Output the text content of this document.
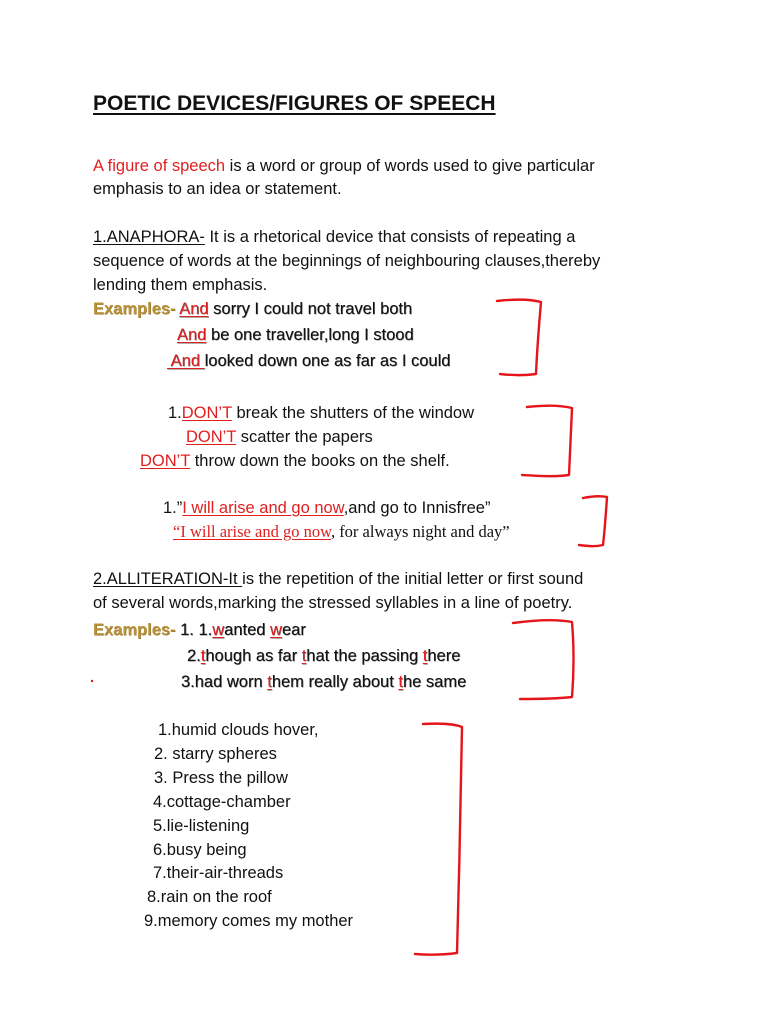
POETIC DEVICES/FIGURES OF SPEECH
A figure of speech is a word or group of words used to give particular
emphasis to an idea or statement.
1.ANAPHORA- It is a rhetorical device that consists of repeating a
sequence of words at the beginnings of neighbouring clauses,thereby
lending them emphasis.
Examples- And sorry I could not travel both
And be one traveller,long I stood
And looked down one as far as I could
1.DON’T break the shutters of the window
DON’T scatter the papers
DON’T throw down the books on the shelf.
1.”I will arise and go now,and go to Innisfree”
“I will arise and go now, for always night and day”
2.ALLITERATION-It is the repetition of the initial letter or first sound
of several words,marking the stressed syllables in a line of poetry.
Examples- 1. 1.wanted wear
2.though as far that the passing there
3.had worn them really about the same
1.humid clouds hover,
2. starry spheres
3. Press the pillow
4.cottage-chamber
5.lie-listening
6.busy being
7.their-air-threads
8.rain on the roof
9.memory comes my mother
